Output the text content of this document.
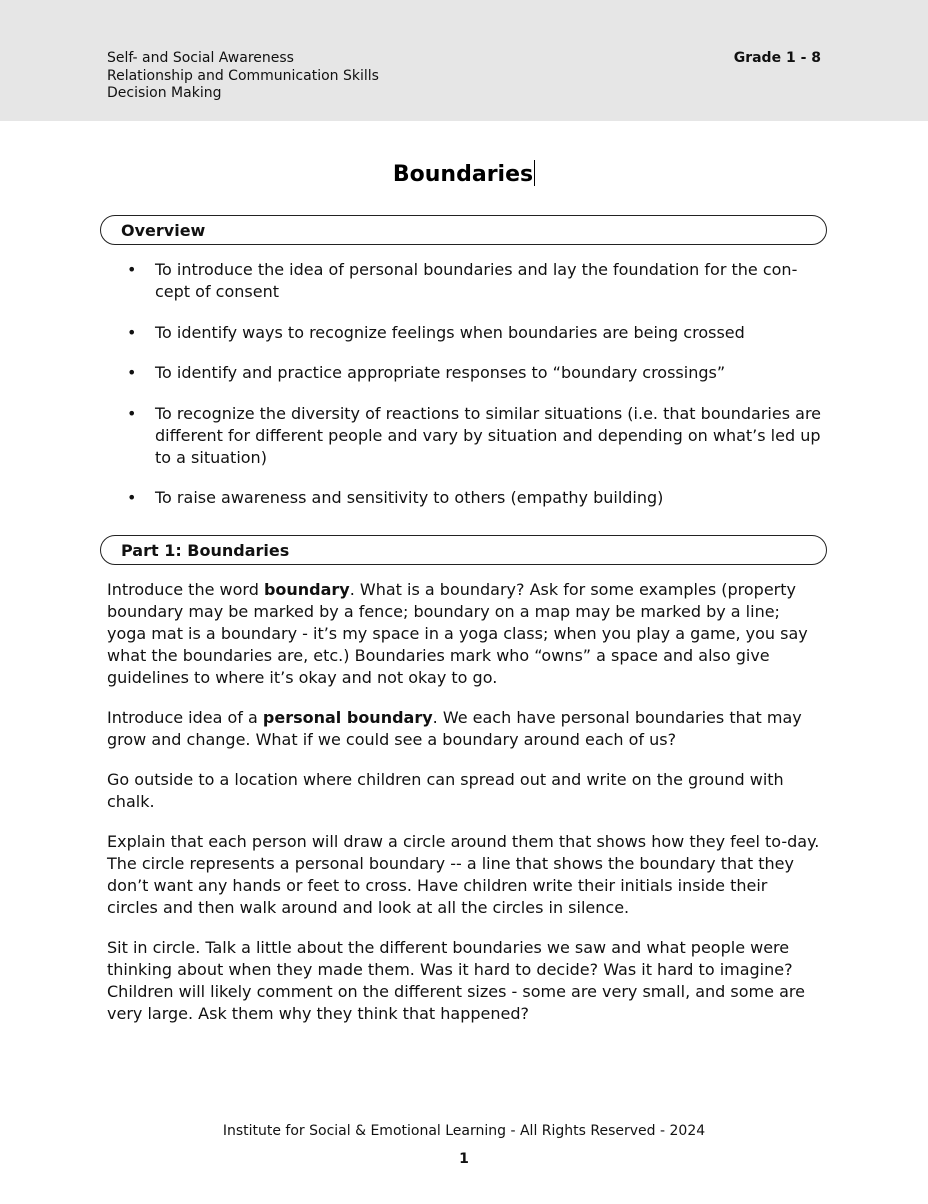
Self- and Social Awareness
Relationship and Communication Skills
Decision Making
Grade 1 - 8
Boundaries
Overview
• To introduce the idea of personal boundaries and lay the foundation for the con-cept of consent
• To identify ways to recognize feelings when boundaries are being crossed
• To identify and practice appropriate responses to “boundary crossings”
• To recognize the diversity of reactions to similar situations (i.e. that boundaries are different for different people and vary by situation and depending on what’s led up to a situation)
• To raise awareness and sensitivity to others (empathy building)
Part 1: Boundaries

Introduce the word boundary. What is a boundary? Ask for some examples (property boundary may be marked by a fence; boundary on a map may be marked by a line; yoga mat is a boundary - it’s my space in a yoga class; when you play a game, you say what the boundaries are, etc.) Boundaries mark who “owns” a space and also give guidelines to where it’s okay and not okay to go.

Introduce idea of a personal boundary. We each have personal boundaries that may grow and change. What if we could see a boundary around each of us?

Go outside to a location where children can spread out and write on the ground with chalk.

Explain that each person will draw a circle around them that shows how they feel to-day. The circle represents a personal boundary -- a line that shows the boundary that they don’t want any hands or feet to cross. Have children write their initials inside their circles and then walk around and look at all the circles in silence.

Sit in circle. Talk a little about the different boundaries we saw and what people were thinking about when they made them. Was it hard to decide? Was it hard to imagine? Children will likely comment on the different sizes - some are very small, and some are very large. Ask them why they think that happened?

Institute for Social & Emotional Learning - All Rights Reserved - 2024
1
